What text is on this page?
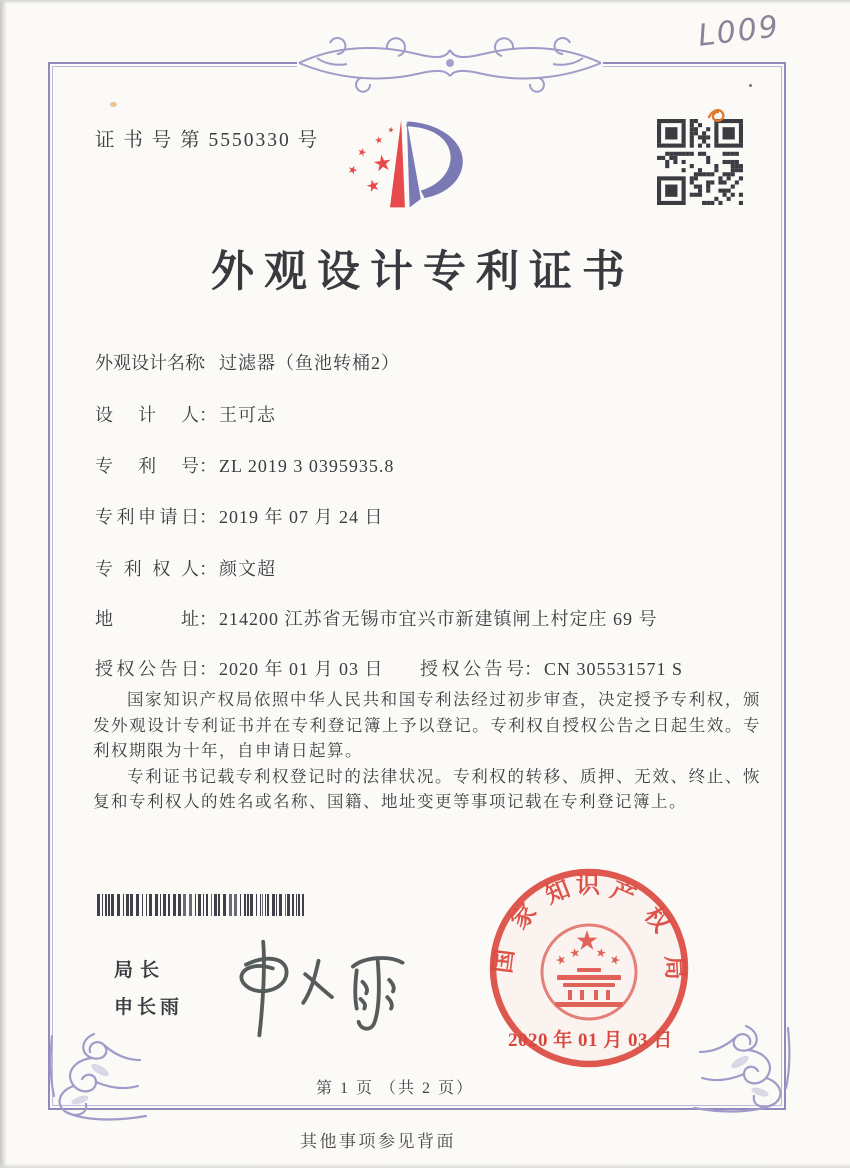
L009
证 书 号 第 5550330 号
外观设计专利证书
外 观 设 计 名 称
： 过滤器（鱼池转桶2）
设 计 人 ： 王可志
专 利 号 ： ZL 2019 3 0395935.8
专 利 申 请 日 ： 2019 年 07 月 24 日
专 利 权 人 ： 颜文超
地	址 ： 214200 江苏省无锡市宜兴市新建镇闸上村定庄 69 号
授 权 公 告 日 ： 2020 年 01 月 03 日 授 权 公 告 号 ： CN 305531571 S

国家知识产权局依照中华人民共和国专利法经过初步审查，决定授予专利权，颁发外观设计专利证书并在专利登记簿上予以登记。专利权自授权公告之日起生效。专利权期限为十年，自申请日起算。

专利证书记载专利权登记时的法律状况。专利权的转移、质押、无效、终止、恢复和专利权人的姓名或名称、国籍、地址变更等事项记载在专利登记簿上。

局长
申长雨
国
家
知 识 产
权
局
2020 年 01 月 03 日
第 1 页 （共 2 页）
其他事项参见背面
